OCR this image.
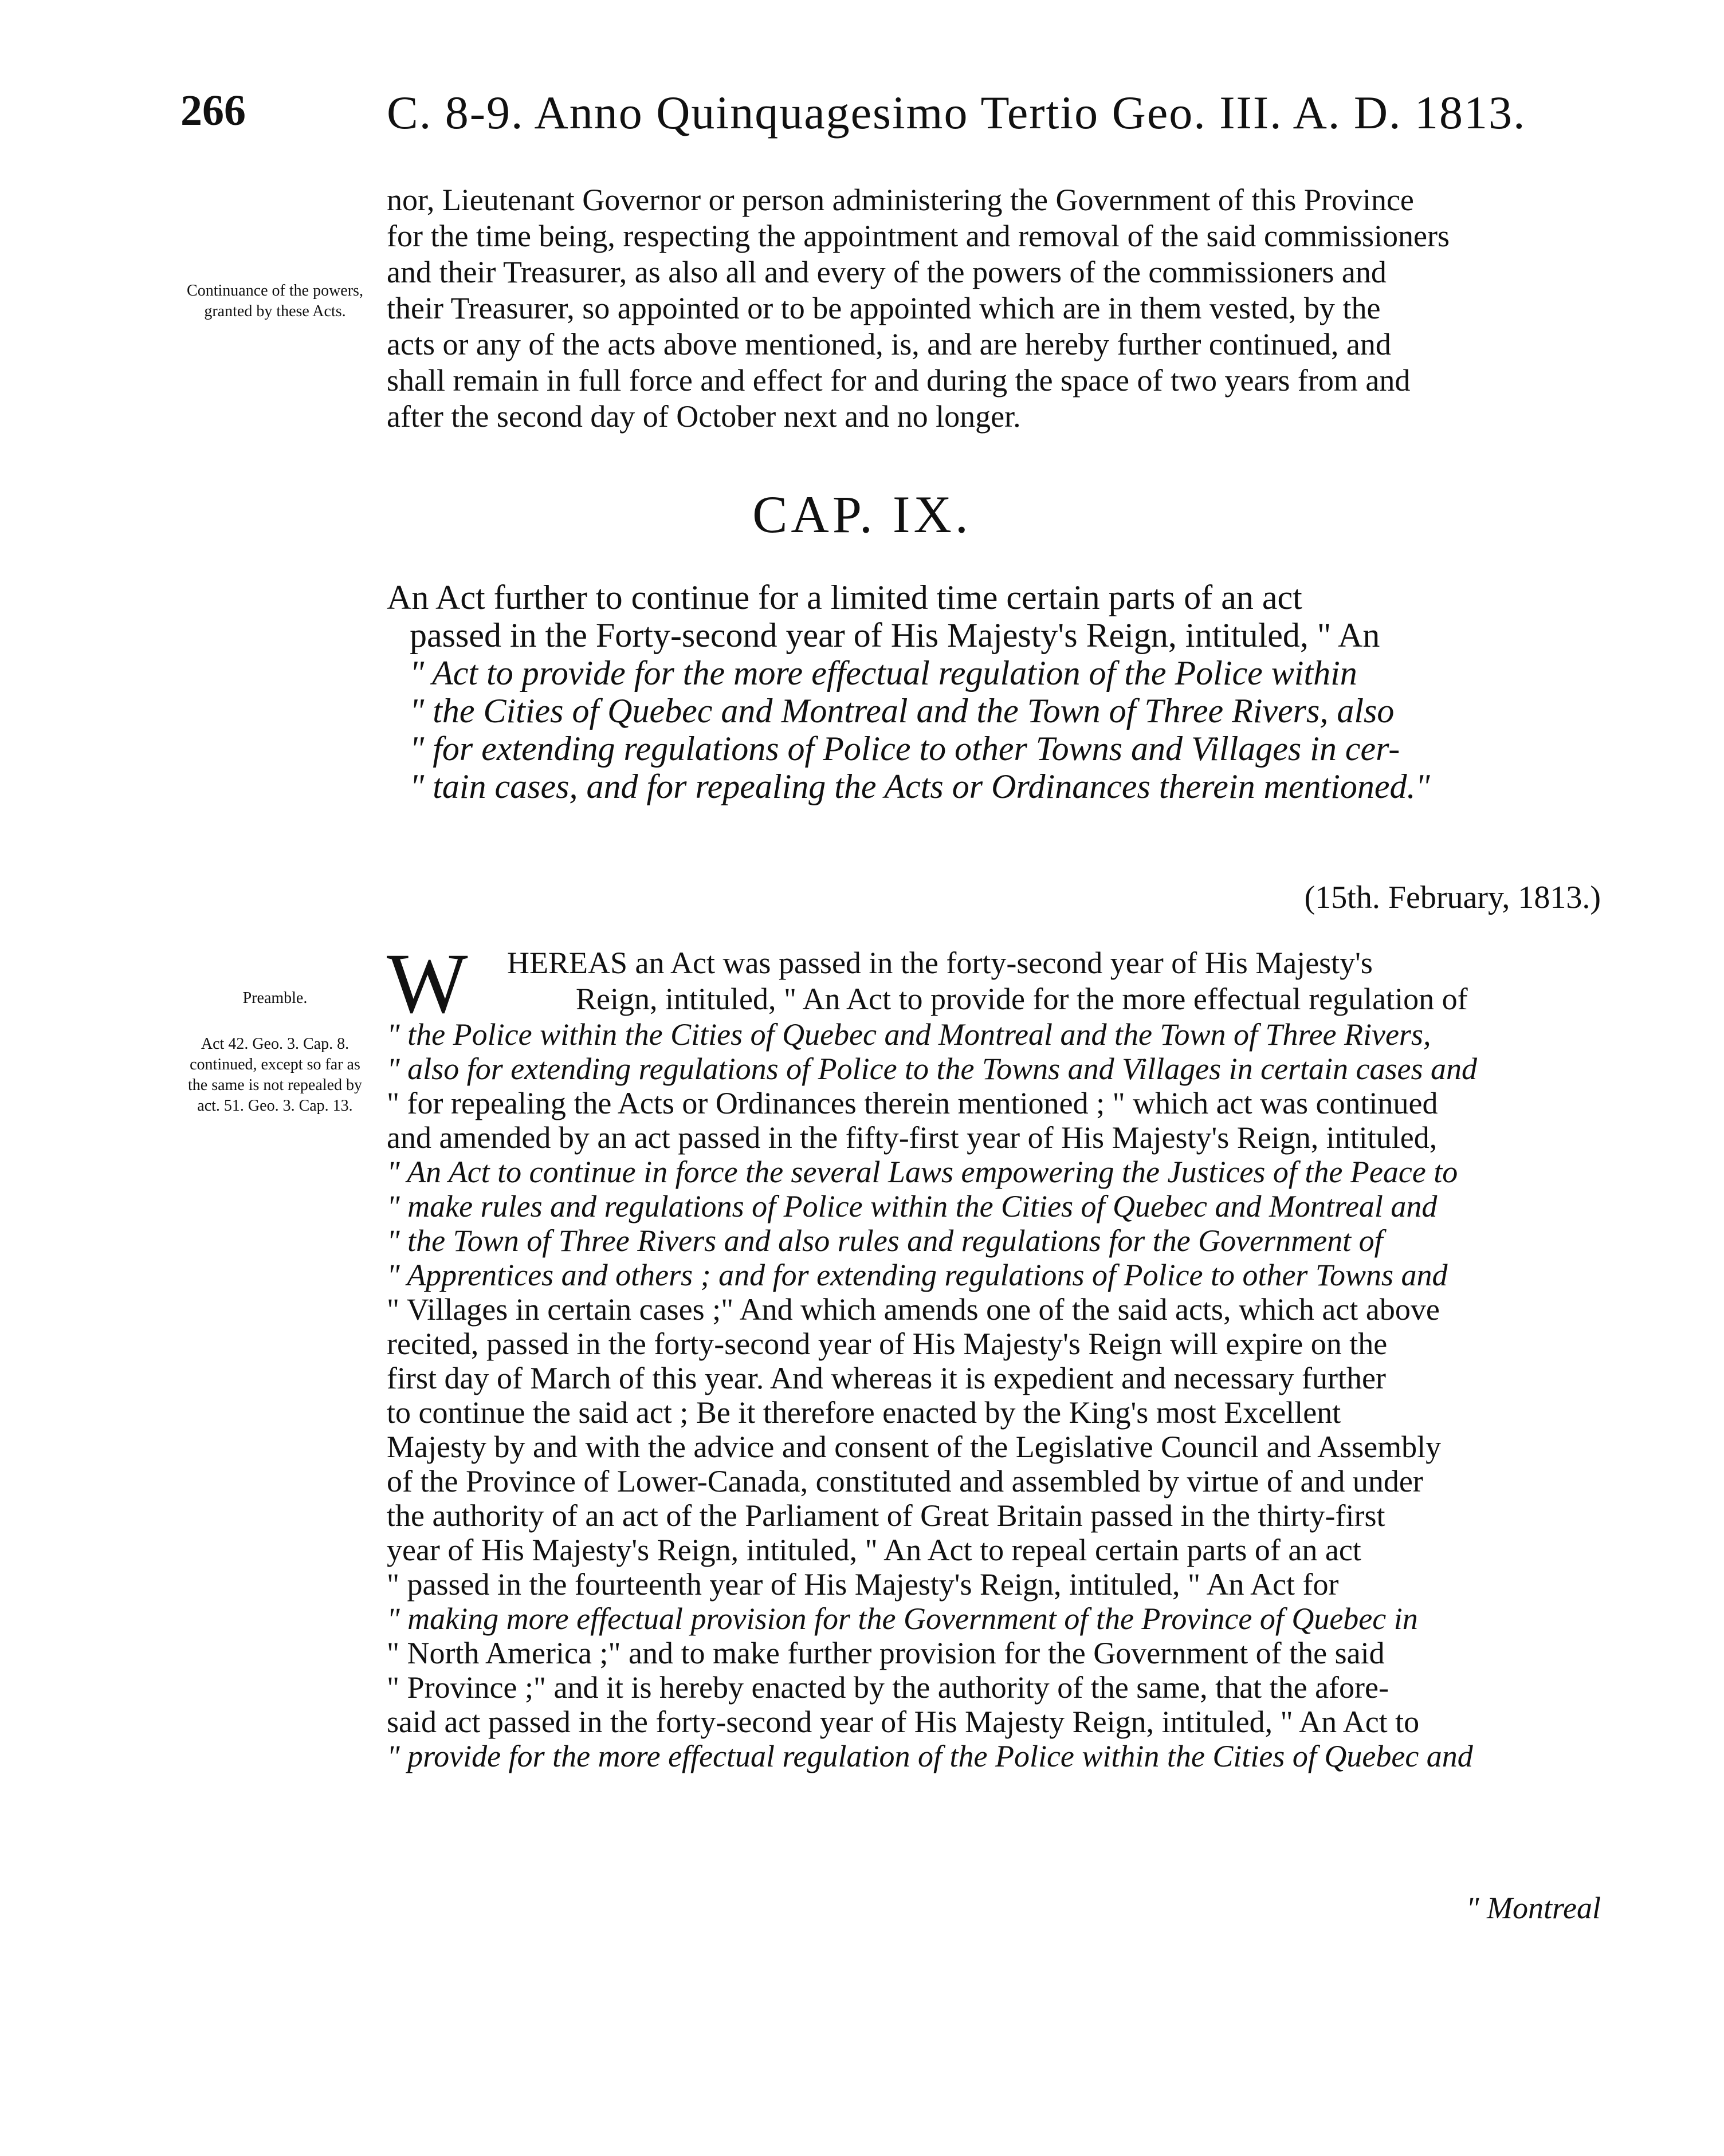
266	C. 8-9. Anno Quinquagesimo Tertio Geo. III. A. D. 1813.
Continuance of the powers, granted by these Acts.
nor, Lieutenant Governor or person administering the Government of this Province
for the time being, respecting the appointment and removal of the said commissioners
and their Treasurer, as also all and every of the powers of the commissioners and
their Treasurer, so appointed or to be appointed which are in them vested, by the
acts or any of the acts above mentioned, is, and are hereby further continued, and
shall remain in full force and effect for and during the space of two years from and
after the second day of October next and no longer.
CAP. IX.
An Act further to continue for a limited time certain parts of an act
passed in the Forty-second year of His Majesty's Reign, intituled, " An
" Act to provide for the more effectual regulation of the Police within
" the Cities of Quebec and Montreal and the Town of Three Rivers, also
" for extending regulations of Police to other Towns and Villages in cer-
" tain cases, and for repealing the Acts or Ordinances therein mentioned."
(15th. February, 1813.)
Preamble.
Act 42. Geo. 3. Cap. 8. continued, except so far as the same is not repealed by act. 51. Geo. 3. Cap. 13.
W HEREAS an Act was passed in the forty-second year of His Majesty's
Reign, intituled, " An Act to provide for the more effectual regulation of
" the Police within the Cities of Quebec and Montreal and the Town of Three Rivers,
" also for extending regulations of Police to the Towns and Villages in certain cases and
" for repealing the Acts or Ordinances therein mentioned ; " which act was continued
and amended by an act passed in the fifty-first year of His Majesty's Reign, intituled,
" An Act to continue in force the several Laws empowering the Justices of the Peace to
" make rules and regulations of Police within the Cities of Quebec and Montreal and
" the Town of Three Rivers and also rules and regulations for the Government of
" Apprentices and others ; and for extending regulations of Police to other Towns and
" Villages in certain cases ;" And which amends one of the said acts, which act above
recited, passed in the forty-second year of His Majesty's Reign will expire on the
first day of March of this year. And whereas it is expedient and necessary further
to continue the said act ; Be it therefore enacted by the King's most Excellent
Majesty by and with the advice and consent of the Legislative Council and Assembly
of the Province of Lower-Canada, constituted and assembled by virtue of and under
the authority of an act of the Parliament of Great Britain passed in the thirty-first
year of His Majesty's Reign, intituled, " An Act to repeal certain parts of an act
" passed in the fourteenth year of His Majesty's Reign, intituled, " An Act for
" making more effectual provision for the Government of the Province of Quebec in
" North America ;" and to make further provision for the Government of the said
" Province ;" and it is hereby enacted by the authority of the same, that the afore-
said act passed in the forty-second year of His Majesty Reign, intituled, " An Act to
" provide for the more effectual regulation of the Police within the Cities of Quebec and
" Montreal
